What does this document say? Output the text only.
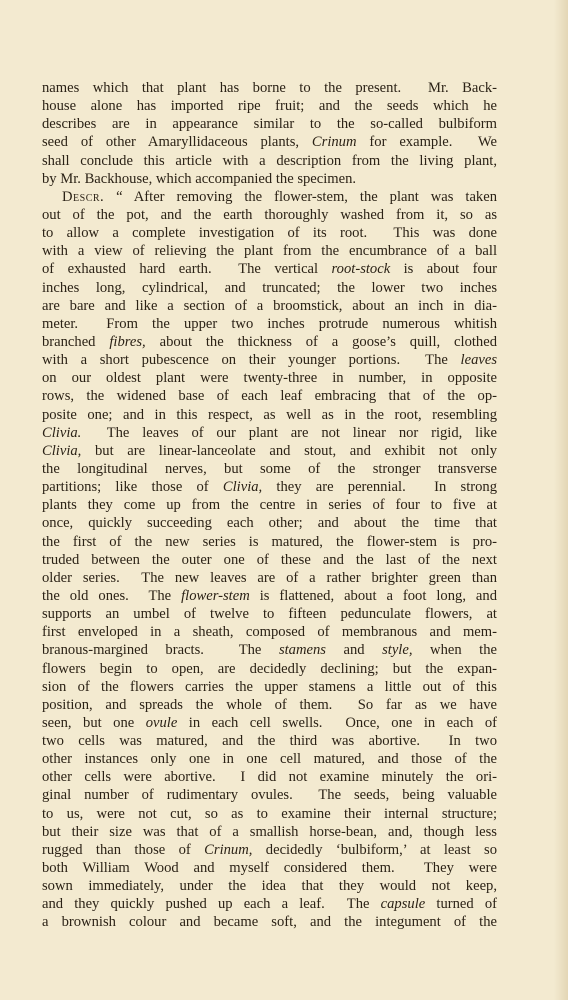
names which that plant has borne to the present.  Mr. Back-
house alone has imported ripe fruit; and the seeds which he
describes are in appearance similar to the so-called bulbiform
seed of other Amaryllidaceous plants, Crinum for example.  We
shall conclude this article with a description from the living plant,
by Mr. Backhouse, which accompanied the specimen.
Descr. “ After removing the flower-stem, the plant was taken
out of the pot, and the earth thoroughly washed from it, so as
to allow a complete investigation of its root.  This was done
with a view of relieving the plant from the encumbrance of a ball
of exhausted hard earth.  The vertical root-stock is about four
inches long, cylindrical, and truncated; the lower two inches
are bare and like a section of a broomstick, about an inch in dia-
meter.  From the upper two inches protrude numerous whitish
branched fibres, about the thickness of a goose’s quill, clothed
with a short pubescence on their younger portions.  The leaves
on our oldest plant were twenty-three in number, in opposite
rows, the widened base of each leaf embracing that of the op-
posite one; and in this respect, as well as in the root, resembling
Clivia.  The leaves of our plant are not linear nor rigid, like
Clivia, but are linear-lanceolate and stout, and exhibit not only
the longitudinal nerves, but some of the stronger transverse
partitions; like those of Clivia, they are perennial.  In strong
plants they come up from the centre in series of four to five at
once, quickly succeeding each other; and about the time that
the first of the new series is matured, the flower-stem is pro-
truded between the outer one of these and the last of the next
older series.  The new leaves are of a rather brighter green than
the old ones.  The flower-stem is flattened, about a foot long, and
supports an umbel of twelve to fifteen pedunculate flowers, at
first enveloped in a sheath, composed of membranous and mem-
branous-margined bracts.  The stamens and style, when the
flowers begin to open, are decidedly declining; but the expan-
sion of the flowers carries the upper stamens a little out of this
position, and spreads the whole of them.  So far as we have
seen, but one ovule in each cell swells.  Once, one in each of
two cells was matured, and the third was abortive.  In two
other instances only one in one cell matured, and those of the
other cells were abortive.  I did not examine minutely the ori-
ginal number of rudimentary ovules.  The seeds, being valuable
to us, were not cut, so as to examine their internal structure;
but their size was that of a smallish horse-bean, and, though less
rugged than those of Crinum, decidedly ‘bulbiform,’ at least so
both William Wood and myself considered them.  They were
sown immediately, under the idea that they would not keep,
and they quickly pushed up each a leaf.  The capsule turned of
a brownish colour and became soft, and the integument of the
